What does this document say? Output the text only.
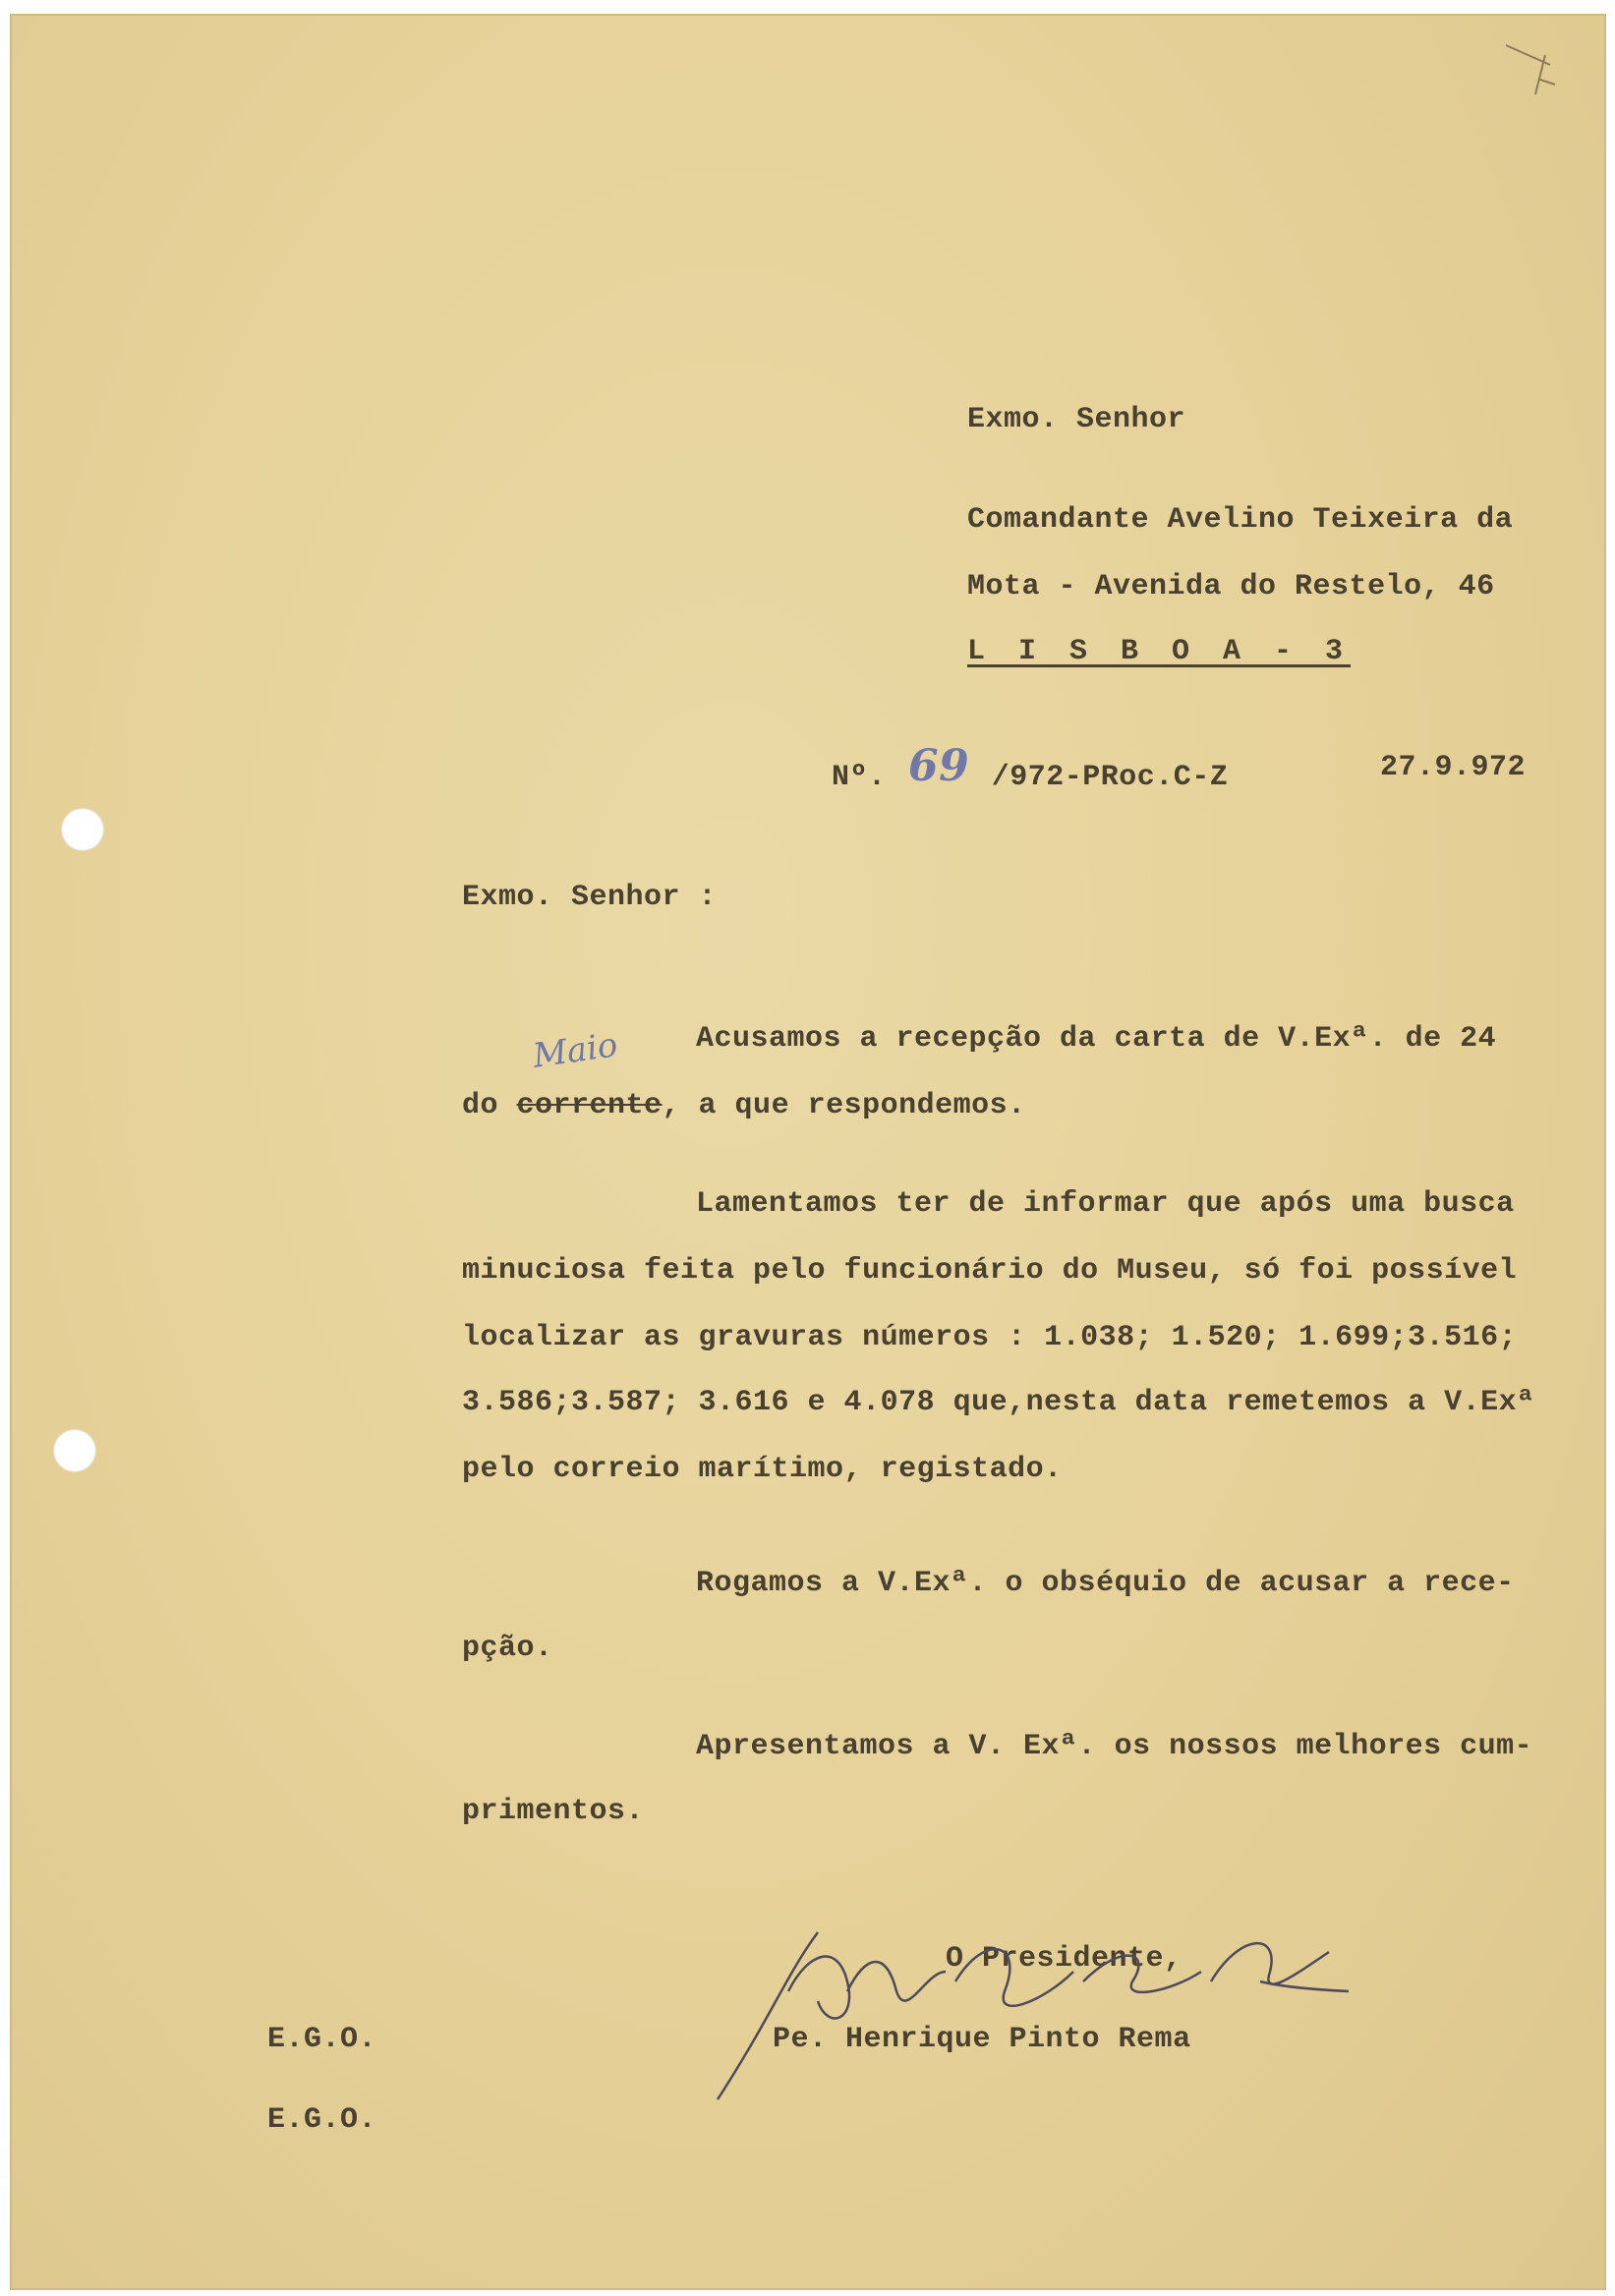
Exmo. Senhor
Comandante Avelino Teixeira da
Mota - Avenida do Restelo, 46
L I S B O A - 3
Nº. 69 /972-PRoc.C-Z	27.9.972
Exmo. Senhor :
Maio	Acusamos a recepção da carta de V.Exª. de 24
do corrente, a que respondemos.
Lamentamos ter de informar que após uma busca
minuciosa feita pelo funcionário do Museu, só foi possível
localizar as gravuras números : 1.038; 1.520; 1.699;3.516;
3.586;3.587; 3.616 e 4.078 que,nesta data remetemos a V.Exª
pelo correio marítimo, registado.
Rogamos a V.Exª. o obséquio de acusar a rece-
pção.
Apresentamos a V. Exª. os nossos melhores cum-
primentos.
O Presidente,
Pe. Henrique Pinto Rema
E.G.O.
E.G.O.
